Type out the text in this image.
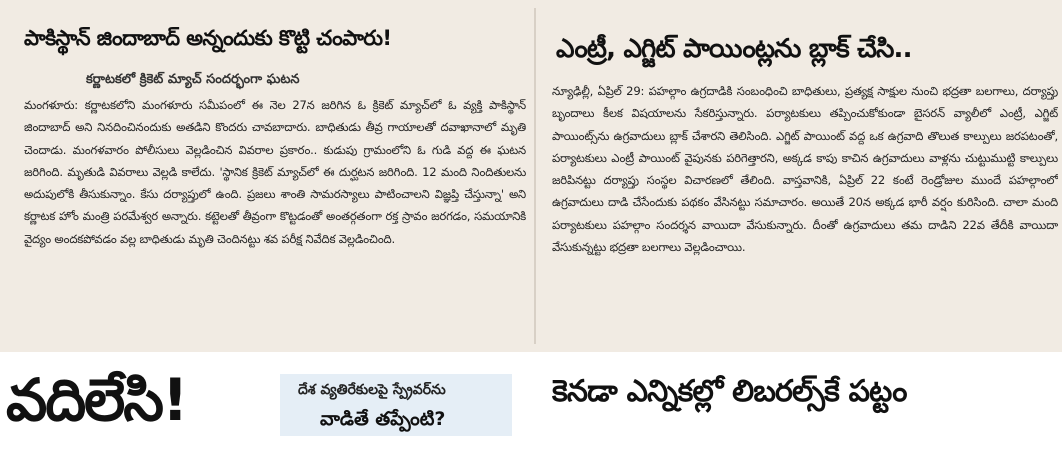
పాకిస్థాన్ జిందాబాద్ అన్నందుకు కొట్టి చంపారు!
కర్ణాటకలో క్రికెట్ మ్యాచ్ సందర్భంగా ఘటన
మంగళూరు: కర్ణాటకలోని మంగళూరు సమీపంలో ఈ నెల 27న జరిగిన ఓ క్రికెట్ మ్యాచ్‌లో ఓ వ్యక్తి పాకిస్థాన్ జిందాబాద్ అని నినదించినందుకు అతడిని కొందరు చావబాదారు. బాధితుడు తీవ్ర గాయాలతో దవాఖానాలో మృతి చెందాడు. మంగళవారం పోలీసులు వెల్లడించిన వివరాల ప్రకారం.. కుడుపు గ్రామంలోని ఓ గుడి వద్ద ఈ ఘటన జరిగింది. మృతుడి వివరాలు వెల్లడి కాలేదు. 'స్థానిక క్రికెట్ మ్యాచ్‌లో ఈ దుర్ఘటన జరిగింది. 12 మంది నిందితులను అదుపులోకి తీసుకున్నాం. కేసు దర్యాప్తులో ఉంది. ప్రజలు శాంతి సామరస్యాలు పాటించాలని విజ్ఞప్తి చేస్తున్నా' అని కర్ణాటక హోం మంత్రి పరమేశ్వర అన్నారు. కట్టెలతో తీవ్రంగా కొట్టడంతో అంతర్గతంగా రక్త స్రావం జరగడం, సమయానికి వైద్యం అందకపోవడం వల్ల బాధితుడు మృతి చెందినట్టు శవ పరీక్ష నివేదిక వెల్లడించింది.
ఎంట్రీ, ఎగ్జిట్ పాయింట్లను బ్లాక్ చేసి..
న్యూఢిల్లీ, ఏప్రిల్ 29: పహల్గాం ఉగ్రదాడికి సంబంధించి బాధితులు, ప్రత్యక్ష సాక్షుల నుంచి భద్రతా బలగాలు, దర్యాప్తు బృందాలు కీలక విషయాలను సేకరిస్తున్నారు. పర్యాటకులు తప్పించుకోకుండా బైసరన్ వ్యాలీలో ఎంట్రీ, ఎగ్జిట్ పాయింట్స్‌ను ఉగ్రవాదులు బ్లాక్ చేశారని తెలిసింది. ఎగ్జిట్ పాయింట్ వద్ద ఒక ఉగ్రవాది తొలుత కాల్పులు జరపటంతో, పర్యాటకులు ఎంట్రీ పాయింట్ వైపునకు పరిగెత్తారని, అక్కడ కాపు కాచిన ఉగ్రవాదులు వాళ్లను చుట్టుముట్టి కాల్పులు జరిపినట్టు దర్యాప్తు సంస్థల విచారణలో తేలింది. వాస్తవానికి, ఏప్రిల్ 22 కంటే రెండ్రోజుల ముందే పహల్గాంలో ఉగ్రవాదులు దాడి చేసేందుకు పథకం వేసినట్టు సమాచారం. అయితే 20న అక్కడ భారీ వర్షం కురిసింది. చాలా మంది పర్యాటకులు పహల్గాం సందర్శన వాయిదా వేసుకున్నారు. దీంతో ఉగ్రవాదులు తమ దాడిని 22వ తేదీకి వాయిదా వేసుకున్నట్టు భద్రతా బలగాలు వెల్లడించాయి.
వదిలేసి!	దేశ వ్యతిరేకులపై స్ప్రేవర్‌ను
వాడితే తప్పేంటి?
కెనడా ఎన్నికల్లో లిబరల్స్‌కే పట్టం
